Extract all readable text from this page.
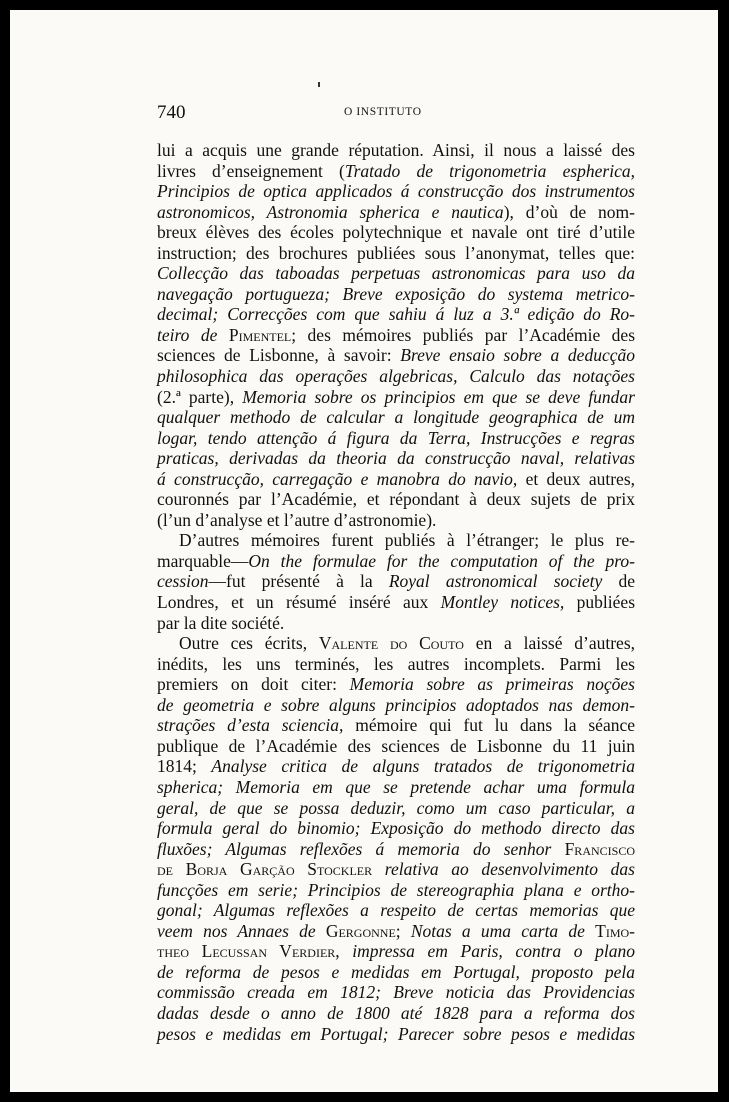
740	O INSTITUTO
lui a acquis une grande réputation. Ainsi, il nous a laissé des
livres d’enseignement (Tratado de trigonometria espherica,
Principios de optica applicados á construcção dos instrumentos
astronomicos, Astronomia spherica e nautica), d’où de nom-
breux élèves des écoles polytechnique et navale ont tiré d’utile
instruction; des brochures publiées sous l’anonymat, telles que:
Collecção das taboadas perpetuas astronomicas para uso da
navegação portugueza; Breve exposição do systema metrico-
decimal; Correcções com que sahiu á luz a 3.ª edição do Ro-
teiro de Pimentel; des mémoires publiés par l’Académie des
sciences de Lisbonne, à savoir: Breve ensaio sobre a deducção
philosophica das operações algebricas, Calculo das notações
(2.ª parte), Memoria sobre os principios em que se deve fundar
qualquer methodo de calcular a longitude geographica de um
logar, tendo attenção á figura da Terra, Instrucções e regras
praticas, derivadas da theoria da construcção naval, relativas
á construcção, carregação e manobra do navio, et deux autres,
couronnés par l’Académie, et répondant à deux sujets de prix
(l’un d’analyse et l’autre d’astronomie).
D’autres mémoires furent publiés à l’étranger; le plus re-
marquable—On the formulae for the computation of the pro-
cession—fut présenté à la Royal astronomical society de
Londres, et un résumé inséré aux Montley notices, publiées
par la dite société.
Outre ces écrits, Valente do Couto en a laissé d’autres,
inédits, les uns terminés, les autres incomplets. Parmi les
premiers on doit citer: Memoria sobre as primeiras noções
de geometria e sobre alguns principios adoptados nas demon-
strações d’esta sciencia, mémoire qui fut lu dans la séance
publique de l’Académie des sciences de Lisbonne du 11 juin
1814; Analyse critica de alguns tratados de trigonometria
spherica; Memoria em que se pretende achar uma formula
geral, de que se possa deduzir, como um caso particular, a
formula geral do binomio; Exposição do methodo directo das
fluxões; Algumas reflexões á memoria do senhor Francisco
de Borja Garção Stockler relativa ao desenvolvimento das
funcções em serie; Principios de stereographia plana e ortho-
gonal; Algumas reflexões a respeito de certas memorias que
veem nos Annaes de Gergonne; Notas a uma carta de Timo-
theo Lecussan Verdier, impressa em Paris, contra o plano
de reforma de pesos e medidas em Portugal, proposto pela
commissão creada em 1812; Breve noticia das Providencias
dadas desde o anno de 1800 até 1828 para a reforma dos
pesos e medidas em Portugal; Parecer sobre pesos e medidas
